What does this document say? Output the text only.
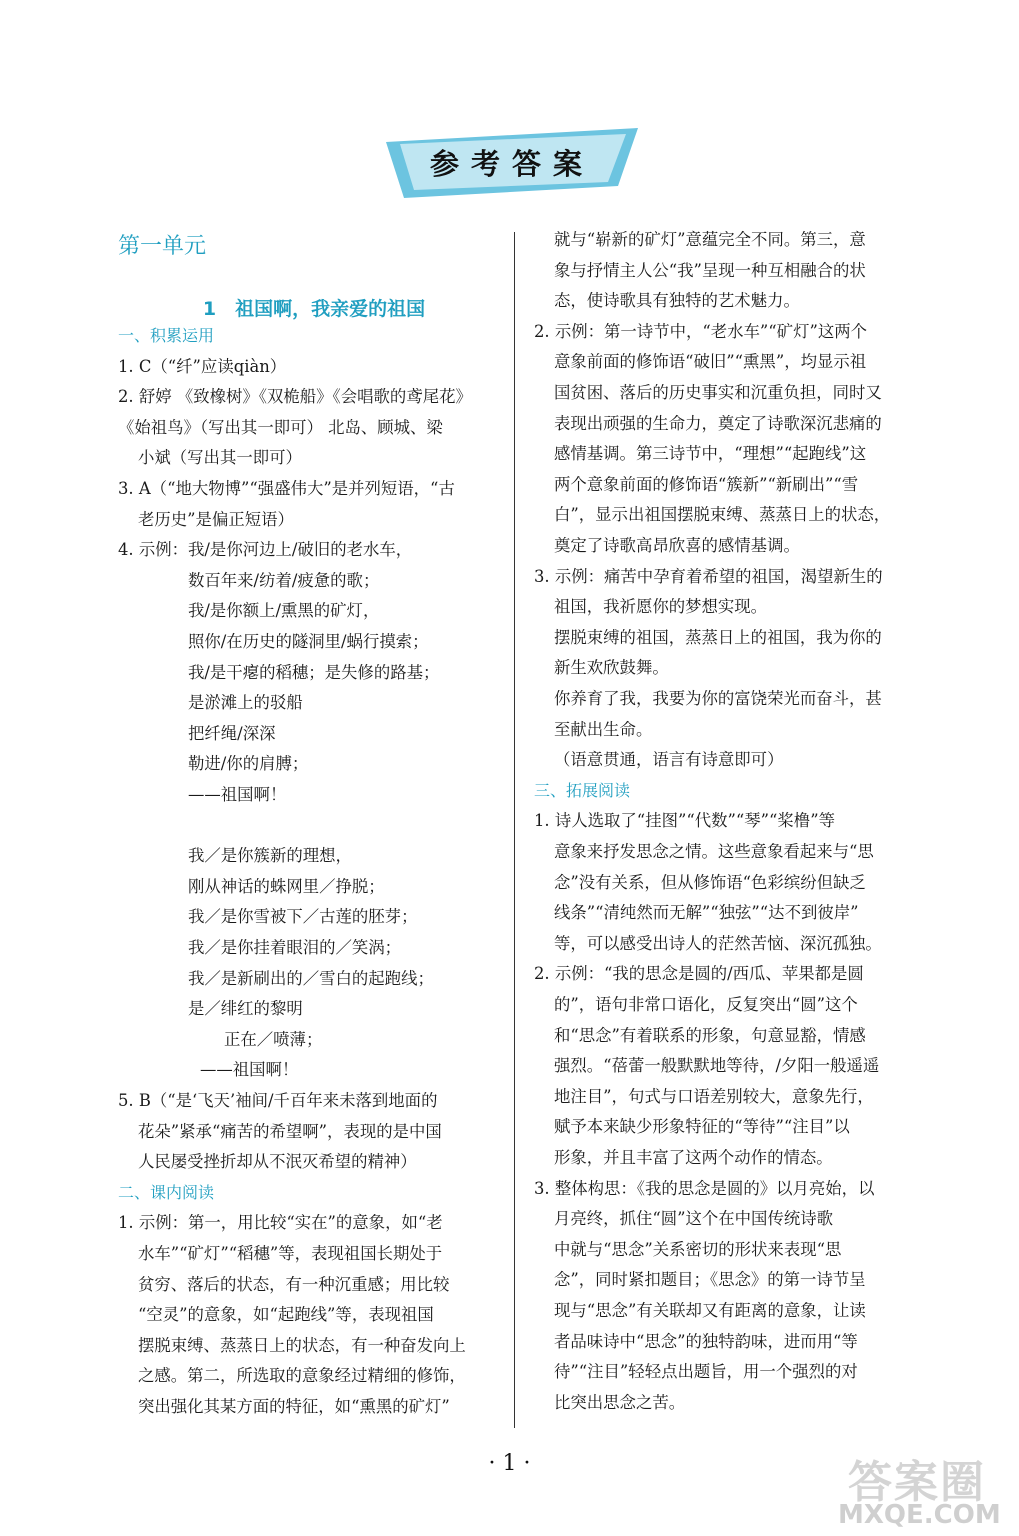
参考答案
第一单元
1　祖国啊，我亲爱的祖国
一、积累运用
1. C（“纤”应读qiàn）
2. 舒婷 《致橡树》《双桅船》《会唱歌的鸢尾花》
《始祖鸟》（写出其一即可） 北岛、顾城、梁
小斌（写出其一即可）
3. A（“地大物博”“强盛伟大”是并列短语，“古
老历史”是偏正短语）
4. 示例：我/是你河边上/破旧的老水车，
数百年来/纺着/疲惫的歌；
我/是你额上/熏黑的矿灯，
照你/在历史的隧洞里/蜗行摸索；
我/是干瘪的稻穗；是失修的路基；
是淤滩上的驳船
把纤绳/深深
勒进/你的肩膊；
——祖国啊！
我／是你簇新的理想，
刚从神话的蛛网里／挣脱；
我／是你雪被下／古莲的胚芽；
我／是你挂着眼泪的／笑涡；
我／是新刷出的／雪白的起跑线；
是／绯红的黎明
正在／喷薄；
——祖国啊！
5. B（“是‘飞天’袖间/千百年来未落到地面的
花朵”紧承“痛苦的希望啊”，表现的是中国
人民屡受挫折却从不泯灭希望的精神）
二、课内阅读
1. 示例：第一，用比较“实在”的意象，如“老
水车”“矿灯”“稻穗”等，表现祖国长期处于
贫穷、落后的状态，有一种沉重感；用比较
“空灵”的意象，如“起跑线”等，表现祖国
摆脱束缚、蒸蒸日上的状态，有一种奋发向上
之感。第二，所选取的意象经过精细的修饰，
突出强化其某方面的特征，如“熏黑的矿灯”
就与“崭新的矿灯”意蕴完全不同。第三，意
象与抒情主人公“我”呈现一种互相融合的状
态，使诗歌具有独特的艺术魅力。
2. 示例：第一诗节中，“老水车”“矿灯”这两个
意象前面的修饰语“破旧”“熏黑”，均显示祖
国贫困、落后的历史事实和沉重负担，同时又
表现出顽强的生命力，奠定了诗歌深沉悲痛的
感情基调。第三诗节中，“理想”“起跑线”这
两个意象前面的修饰语“簇新”“新刷出”“雪
白”，显示出祖国摆脱束缚、蒸蒸日上的状态，
奠定了诗歌高昂欣喜的感情基调。
3. 示例：痛苦中孕育着希望的祖国，渴望新生的
祖国，我祈愿你的梦想实现。
摆脱束缚的祖国，蒸蒸日上的祖国，我为你的
新生欢欣鼓舞。
你养育了我，我要为你的富饶荣光而奋斗，甚
至献出生命。
（语意贯通，语言有诗意即可）
三、拓展阅读
1. 诗人选取了“挂图”“代数”“琴”“桨橹”等
意象来抒发思念之情。这些意象看起来与“思
念”没有关系，但从修饰语“色彩缤纷但缺乏
线条”“清纯然而无解”“独弦”“达不到彼岸”
等，可以感受出诗人的茫然苦恼、深沉孤独。
2. 示例：“我的思念是圆的/西瓜、苹果都是圆
的”，语句非常口语化，反复突出“圆”这个
和“思念”有着联系的形象，句意显豁，情感
强烈。“蓓蕾一般默默地等待，/夕阳一般遥遥
地注目”，句式与口语差别较大，意象先行，
赋予本来缺少形象特征的“等待”“注目”以
形象，并且丰富了这两个动作的情态。
3. 整体构思：《我的思念是圆的》以月亮始，以
月亮终，抓住“圆”这个在中国传统诗歌
中就与“思念”关系密切的形状来表现“思
念”，同时紧扣题目；《思念》的第一诗节呈
现与“思念”有关联却又有距离的意象，让读
者品味诗中“思念”的独特韵味，进而用“等
待”“注目”轻轻点出题旨，用一个强烈的对
比突出思念之苦。
· 1 ·	答案圈
MXQE.COM
